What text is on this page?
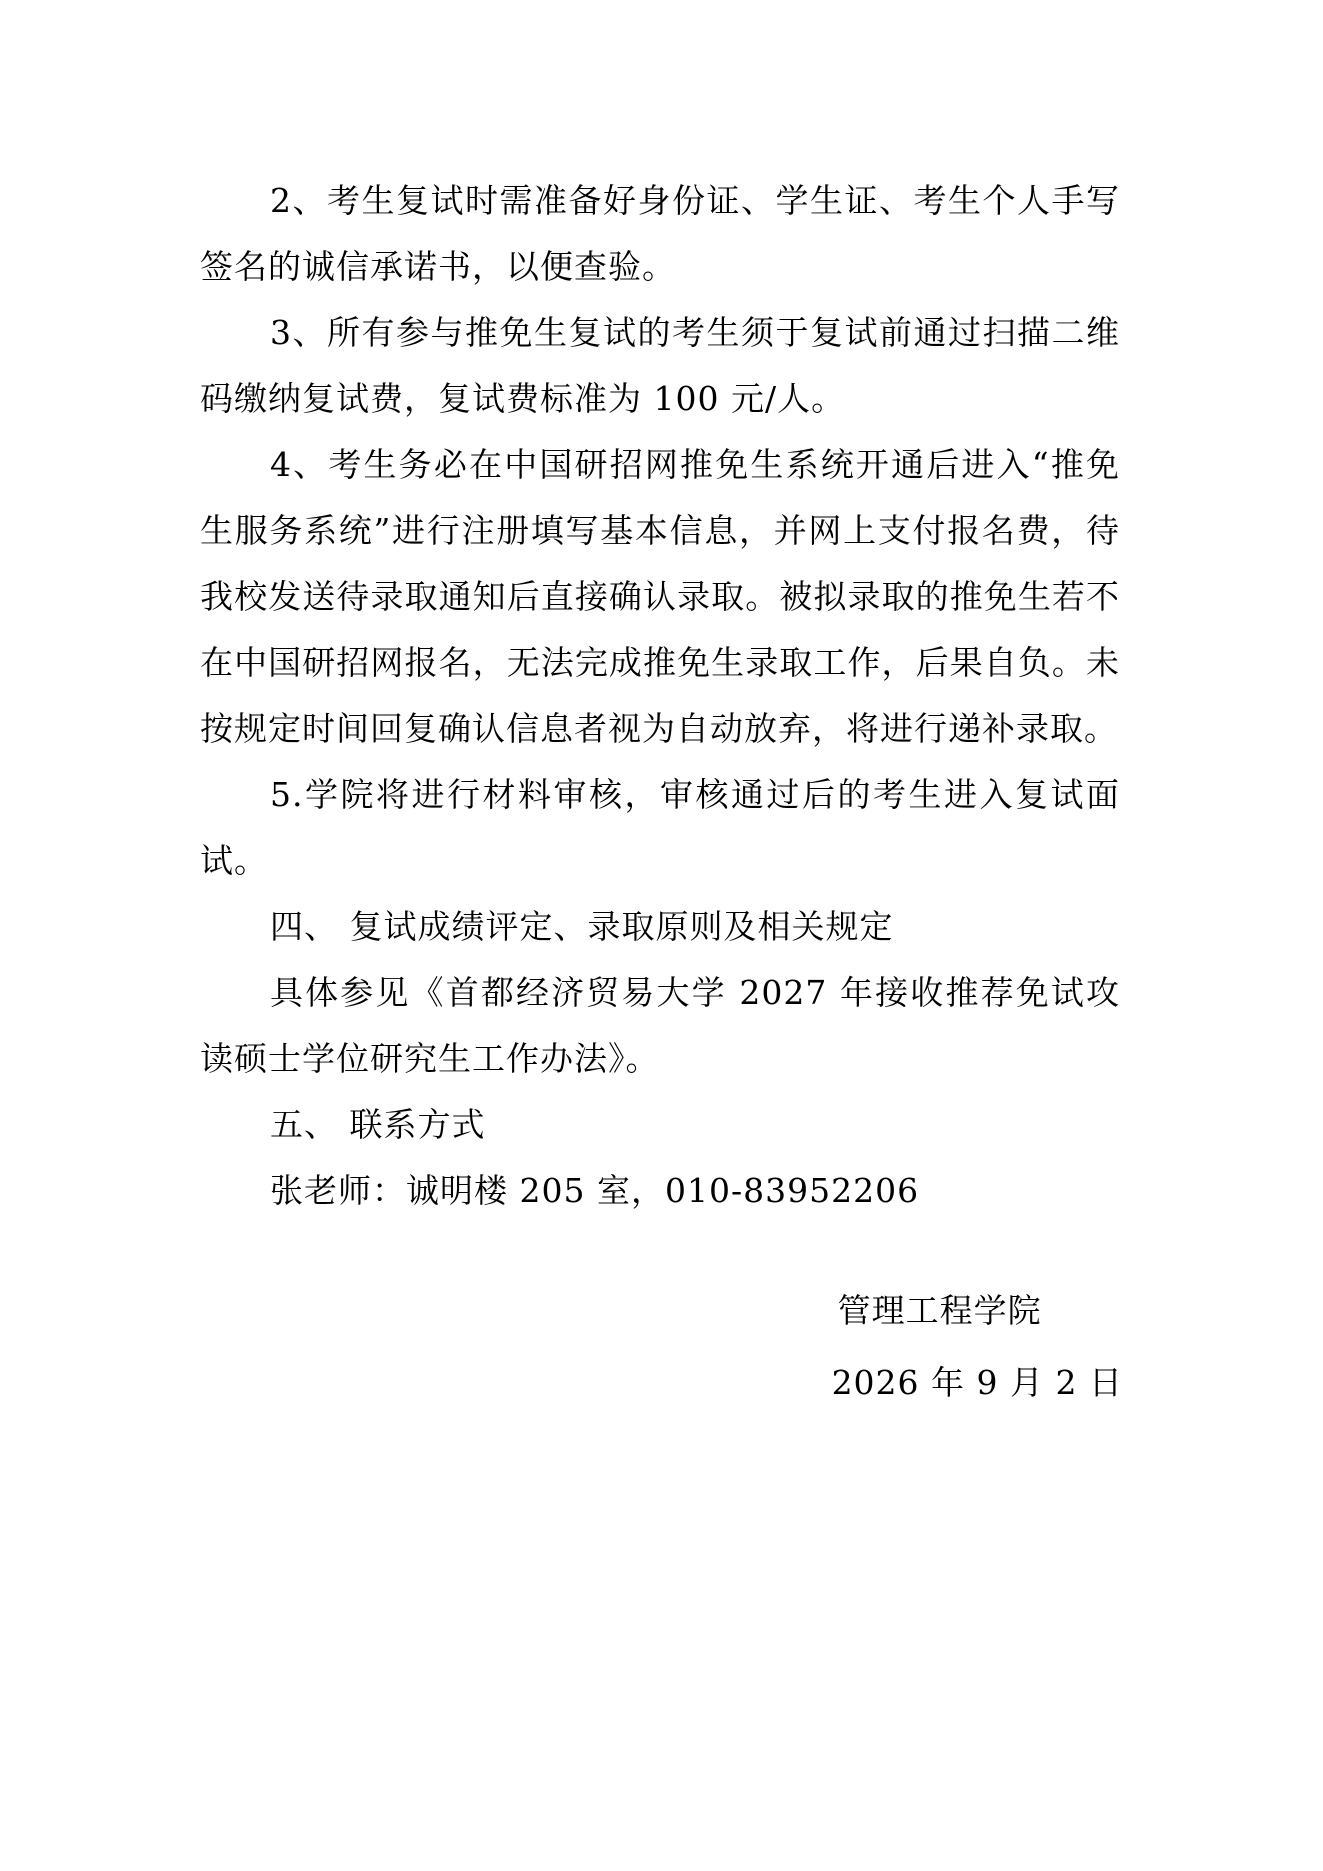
2、考生复试时需准备好身份证、学生证、考生个人手写签名的诚信承诺书，以便查验。

3、所有参与推免生复试的考生须于复试前通过扫描二维码缴纳复试费，复试费标准为 100 元/人。

4、考生务必在中国研招网推免生系统开通后进入“推免生服务系统”进行注册填写基本信息，并网上支付报名费，待我校发送待录取通知后直接确认录取。被拟录取的推免生若不在中国研招网报名，无法完成推免生录取工作，后果自负。未按规定时间回复确认信息者视为自动放弃，将进行递补录取。

5.学院将进行材料审核，审核通过后的考生进入复试面试。

四、 复试成绩评定、录取原则及相关规定

具体参见《首都经济贸易大学 2027 年接收推荐免试攻读硕士学位研究生工作办法》。

五、 联系方式

张老师：诚明楼 205 室，010-83952206

管理工程学院

2026 年 9 月 2 日
